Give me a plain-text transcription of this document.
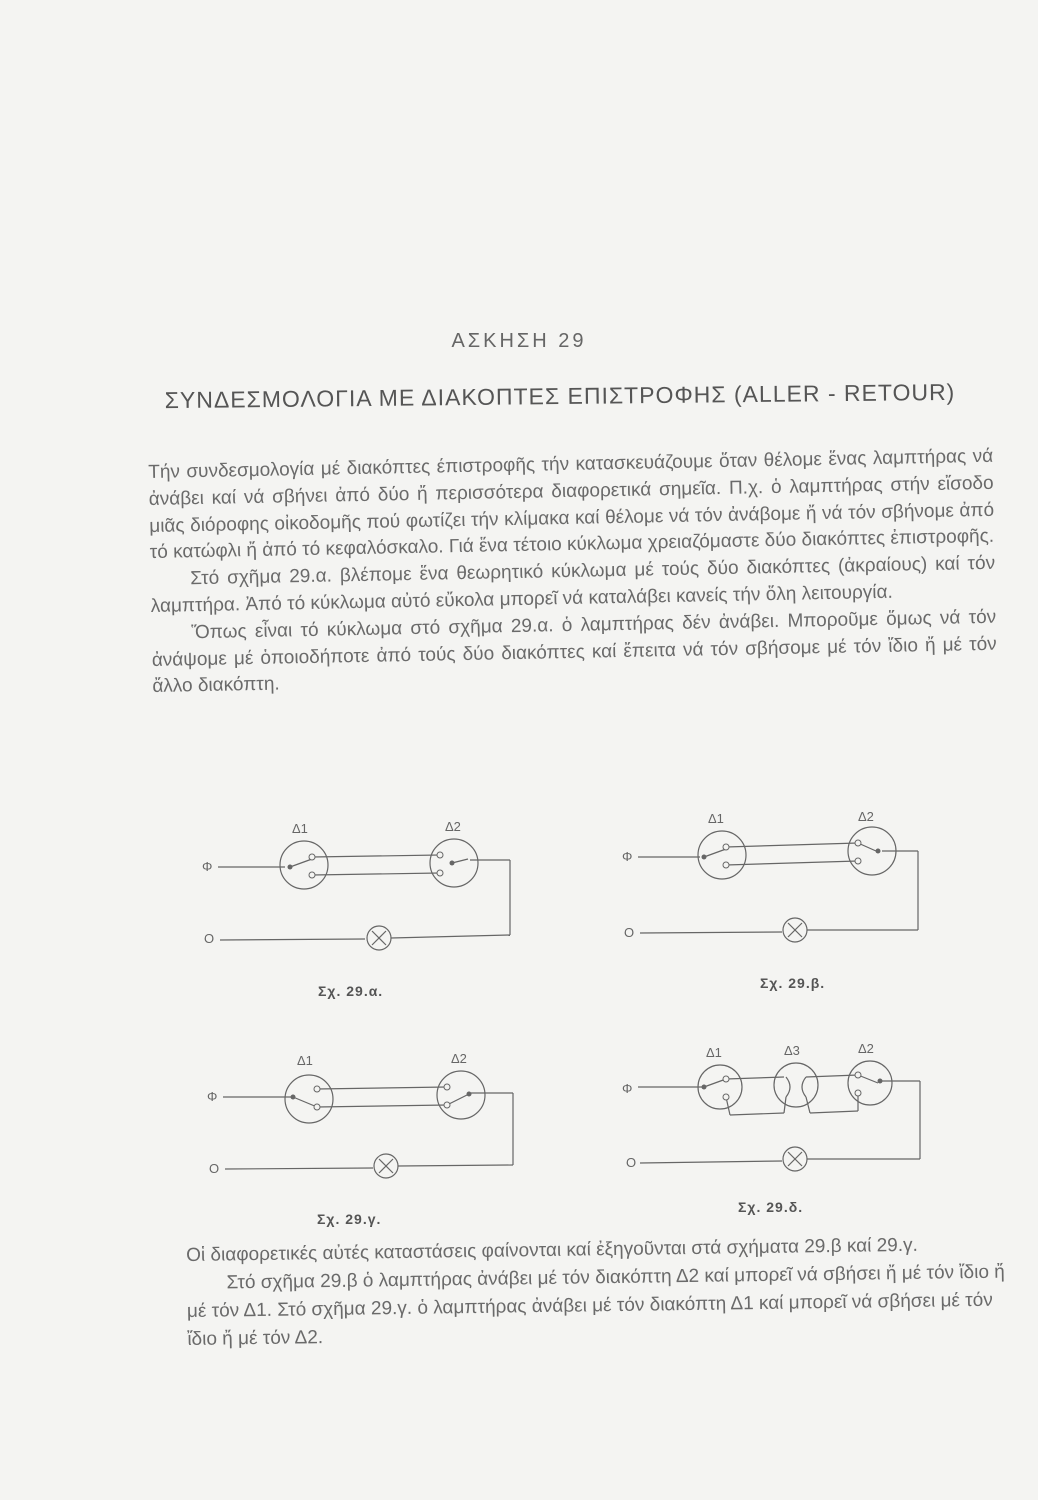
ΑΣΚΗΣΗ 29
ΣΥΝΔΕΣΜΟΛΟΓΙΑ ΜΕ ΔΙΑΚΟΠΤΕΣ ΕΠΙΣΤΡΟΦΗΣ (ALLER - RETOUR)

Τήν συνδεσμολογία μέ διακόπτες έπιστροφῆς τήν κατασκευάζουμε ὅταν θέλομε ἕνας λαμπτήρας νά ἀνάβει καί νά σβήνει ἀπό δύο ἤ περισσότερα διαφορετικά σημεῖα. Π.χ. ὁ λαμπτήρας στήν εἴσοδο μιᾶς διόροφης οἰκοδομῆς πού φωτίζει τήν κλίμακα καί θέλομε νά τόν ἀνάβομε ἤ νά τόν σβήνομε ἀπό τό κατώφλι ἤ ἀπό τό κεφαλόσκαλο. Γιά ἕνα τέτοιο κύκλωμα χρειαζόμαστε δύο διακόπτες ἐπιστροφῆς.

Στό σχῆμα 29.α. βλέπομε ἕνα θεωρητικό κύκλωμα μέ τούς δύο διακόπτες (ἀκραίους) καί τόν λαμπτήρα. Ἀπό τό κύκλωμα αὐτό εὔκολα μπορεῖ νά καταλάβει κανείς τήν ὅλη λειτουργία.

Ὅπως εἶναι τό κύκλωμα στό σχῆμα 29.α. ὁ λαμπτήρας δέν ἀνάβει. Μποροῦμε ὅμως νά τόν ἀνάψομε μέ ὁποιοδήποτε ἀπό τούς δύο διακόπτες καί ἔπειτα νά τόν σβήσομε μέ τόν ἴδιο ἤ μέ τόν ἄλλο διακόπτη.

Φ
O
Δ1	Δ2
Σχ. 29.α.
Φ
O
Δ1	Δ2
Σχ. 29.β.
Φ
O
Δ1	Δ2
Σχ. 29.γ.
Φ
O
Δ1	Δ3	Δ2
Σχ. 29.δ.

Οἱ διαφορετικές αὐτές καταστάσεις φαίνονται καί ἐξηγοῦνται στά σχήματα 29.β καί 29.γ.

Στό σχῆμα 29.β ὁ λαμπτήρας ἀνάβει μέ τόν διακόπτη Δ2 καί μπορεῖ νά σβήσει ἤ μέ τόν ἴδιο ἤ μέ τόν Δ1. Στό σχῆμα 29.γ. ὁ λαμπτήρας ἀνάβει μέ τόν διακόπτη Δ1 καί μπορεῖ νά σβήσει μέ τόν ἴδιο ἤ μέ τόν Δ2.
